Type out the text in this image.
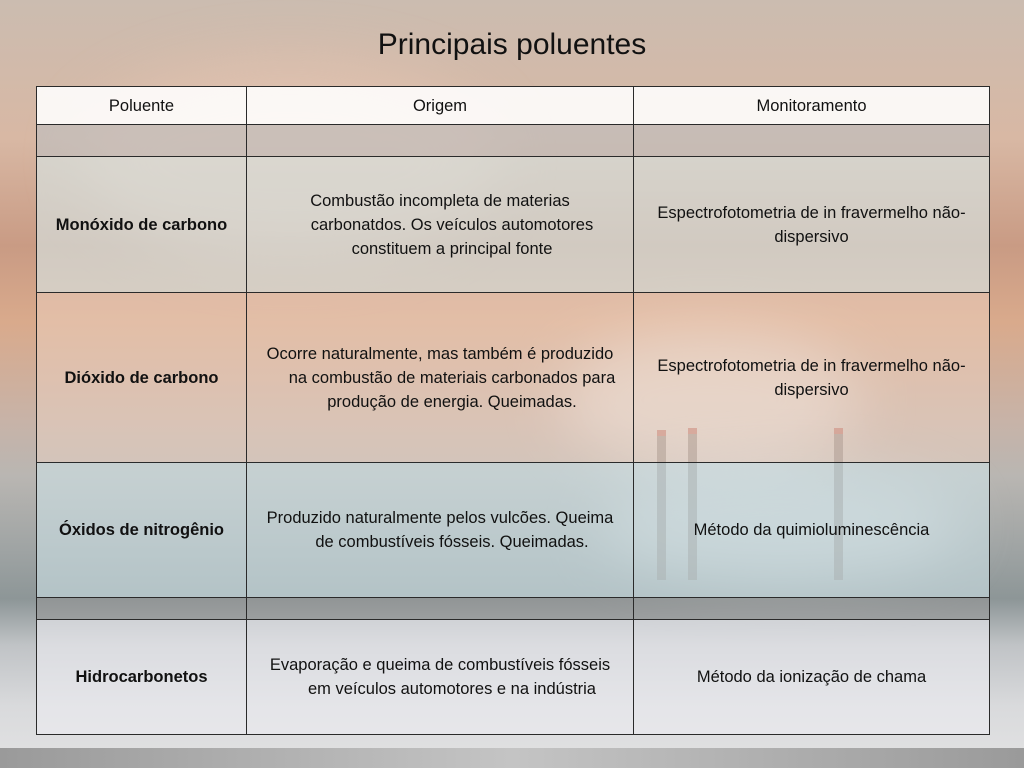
Principais poluentes
Poluente	Origem	Monitoramento

Monóxido de carbono	Combustão incompleta de materias carbonatdos. Os veículos automotores constituem a principal fonte	Espectrofotometria de in fravermelho não-dispersivo
Dióxido de carbono	Ocorre naturalmente, mas também é produzido na combustão de materiais carbonados para produção de energia. Queimadas.	Espectrofotometria de in fravermelho não-dispersivo
Óxidos de nitrogênio	Produzido naturalmente pelos vulcões. Queima de combustíveis fósseis. Queimadas.	Método da quimioluminescência

Hidrocarbonetos	Evaporação e queima de combustíveis fósseis em veículos automotores e na indústria	Método da ionização de chama
